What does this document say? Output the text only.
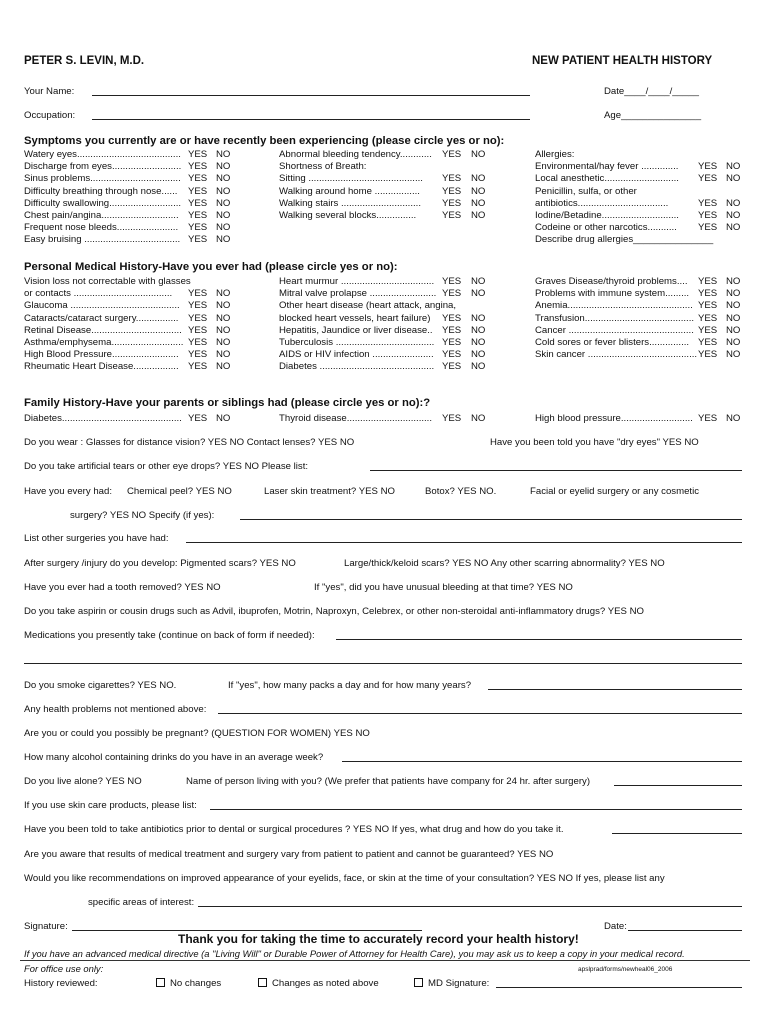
PETER S. LEVIN, M.D.	NEW PATIENT HEALTH HISTORY
Your Name:	Date____/____/_____
Occupation:	Age_______________
Symptoms you currently are or have recently been experiencing (please circle yes or no):
Watery eyes....................................... YES NO
Discharge from eyes.......................... YES NO
Sinus problems.................................. YES NO
Difficulty breathing through nose...... YES NO
Difficulty swallowing........................... YES NO
Chest pain/angina............................. YES NO
Frequent nose bleeds....................... YES NO
Easy bruising .................................... YES NO
Abnormal bleeding tendency............ YES NO
Shortness of Breath:
Sitting ........................................... YES NO
Walking around home ................. YES NO
Walking stairs .............................. YES NO
Walking several blocks...............	YES NO
Allergies:
Environmental/hay fever .............. YES NO
Local anesthetic............................ YES NO
Penicillin, sulfa, or other
antibiotics..................................	YES NO
Iodine/Betadine............................. YES NO
Codeine or other narcotics........... YES NO
Describe drug allergies_______________
Personal Medical History-Have you ever had (please circle yes or no):
Vision loss not correctable with glasses
or contacts ..................................... YES NO
Glaucoma ......................................... YES NO
Cataracts/cataract surgery................ YES NO
Retinal Disease.................................. YES NO
Asthma/emphysema........................... YES NO
High Blood Pressure......................... YES NO
Rheumatic Heart Disease................. YES NO
Heart murmur ................................... YES NO
Mitral valve prolapse ......................... YES NO
Other heart disease (heart attack, angina,
blocked heart vessels, heart failure) YES NO
Hepatitis, Jaundice or liver disease.. YES NO
Tuberculosis ..................................... YES NO
AIDS or HIV infection ....................... YES NO
Diabetes ........................................... YES NO
Graves Disease/thyroid problems.... YES NO
Problems with immune system......... YES NO
Anemia............................................... YES NO
Transfusion......................................... YES NO
Cancer ............................................... YES NO
Cold sores or fever blisters............... YES NO
Skin cancer ......................................... YES NO
Family History-Have your parents or siblings had (please circle yes or no):?
Diabetes............................................. YES NO	Thyroid disease................................ YES NO	High blood pressure........................... YES NO
Do you wear : Glasses for distance vision? YES NO Contact lenses? YES NO	Have you been told you have "dry eyes" YES NO
Do you take artificial tears or other eye drops? YES NO Please list:
Have you every had: Chemical peel? YES NO	Laser skin treatment? YES NO	Botox? YES NO.	Facial or eyelid surgery or any cosmetic
surgery? YES NO Specify (if yes):
List other surgeries you have had:
After surgery /injury do you develop: Pigmented scars? YES NO	Large/thick/keloid scars? YES NO Any other scarring abnormality? YES NO
Have you ever had a tooth removed? YES NO	If "yes", did you have unusual bleeding at that time? YES NO
Do you take aspirin or cousin drugs such as Advil, ibuprofen, Motrin, Naproxyn, Celebrex, or other non-steroidal anti-inflammatory drugs? YES NO
Medications you presently take (continue on back of form if needed):
Do you smoke cigarettes? YES NO.	If "yes", how many packs a day and for how many years?
Any health problems not mentioned above:
Are you or could you possibly be pregnant? (QUESTION FOR WOMEN) YES NO
How many alcohol containing drinks do you have in an average week?
Do you live alone? YES NO	Name of person living with you? (We prefer that patients have company for 24 hr. after surgery)
If you use skin care products, please list:
Have you been told to take antibiotics prior to dental or surgical procedures ? YES NO If yes, what drug and how do you take it.
Are you aware that results of medical treatment and surgery vary from patient to patient and cannot be guaranteed? YES NO
Would you like recommendations on improved appearance of your eyelids, face, or skin at the time of your consultation? YES NO If yes, please list any
specific areas of interest:
Signature:	Date:
Thank you for taking the time to accurately record your health history!
If you have an advanced medical directive (a "Living Will" or Durable Power of Attorney for Health Care), you may ask us to keep a copy in your medical record.
For office use only:	apslprad/forms/newheal06_2006
History reviewed:	No changes	Changes as noted above	MD Signature:
